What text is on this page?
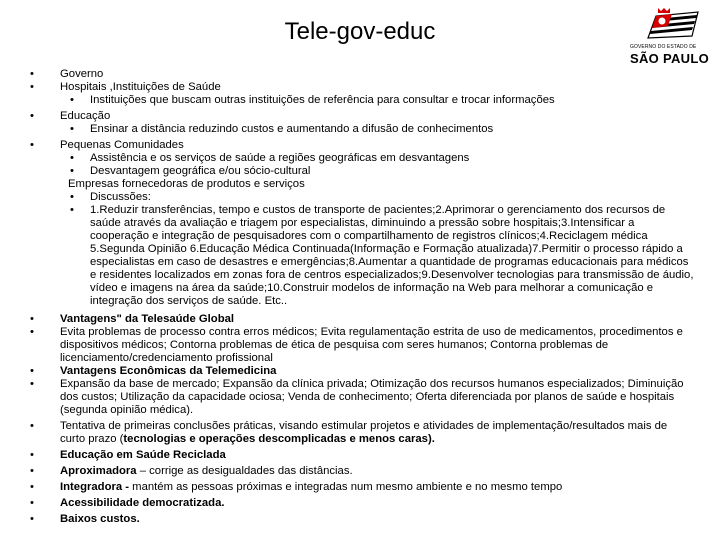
Tele-gov-educ
GOVERNO DO ESTADO DE
SÃO PAULO
•	Governo
•	Hospitais ,Instituições de Saúde
• Instituições que buscam outras instituições de referência para consultar e trocar informações
•	Educação
• Ensinar a distância reduzindo custos e aumentando a difusão de conhecimentos
•	Pequenas Comunidades
• Assistência e os serviços de saúde a regiões geográficas em desvantagens
• Desvantagem geográfica e/ou sócio-cultural
Empresas fornecedoras de produtos e serviços
• Discussões:
• 1.Reduzir transferências, tempo e custos de transporte de pacientes;2.Aprimorar o gerenciamento dos recursos de saúde através da avaliação e triagem por especialistas, diminuindo a pressão sobre hospitais;3.Intensificar a cooperação e integração de pesquisadores com o compartilhamento de registros clínicos;4.Reciclagem médica 5.Segunda Opinião 6.Educação Médica Continuada(Informação e Formação atualizada)7.Permitir o processo rápido a especialistas em caso de desastres e emergências;8.Aumentar a quantidade de programas educacionais para médicos e residentes localizados em zonas fora de centros especializados;9.Desenvolver tecnologias para transmissão de áudio, vídeo e imagens na área da saúde;10.Construir modelos de informação na Web para melhorar a comunicação e integração dos serviços de saúde. Etc..
•	Vantagens" da Telesaúde Global
•	Evita problemas de processo contra erros médicos; Evita regulamentação estrita de uso de medicamentos, procedimentos e dispositivos médicos; Contorna problemas de ética de pesquisa com seres humanos; Contorna problemas de licenciamento/credenciamento profissional
•	Vantagens Econômicas da Telemedicina
•	Expansão da base de mercado; Expansão da clínica privada; Otimização dos recursos humanos especializados; Diminuição dos custos; Utilização da capacidade ociosa; Venda de conhecimento; Oferta diferenciada por planos de saúde e hospitais (segunda opinião médica).
•	Tentativa de primeiras conclusões práticas, visando estimular projetos e atividades de implementação/resultados mais de curto prazo (tecnologias e operações descomplicadas e menos caras).
•	Educação em Saúde Reciclada
•	Aproximadora – corrige as desigualdades das distâncias.
•	Integradora - mantém as pessoas próximas e integradas num mesmo ambiente e no mesmo tempo
•	Acessibilidade democratizada.
•	Baixos custos.
